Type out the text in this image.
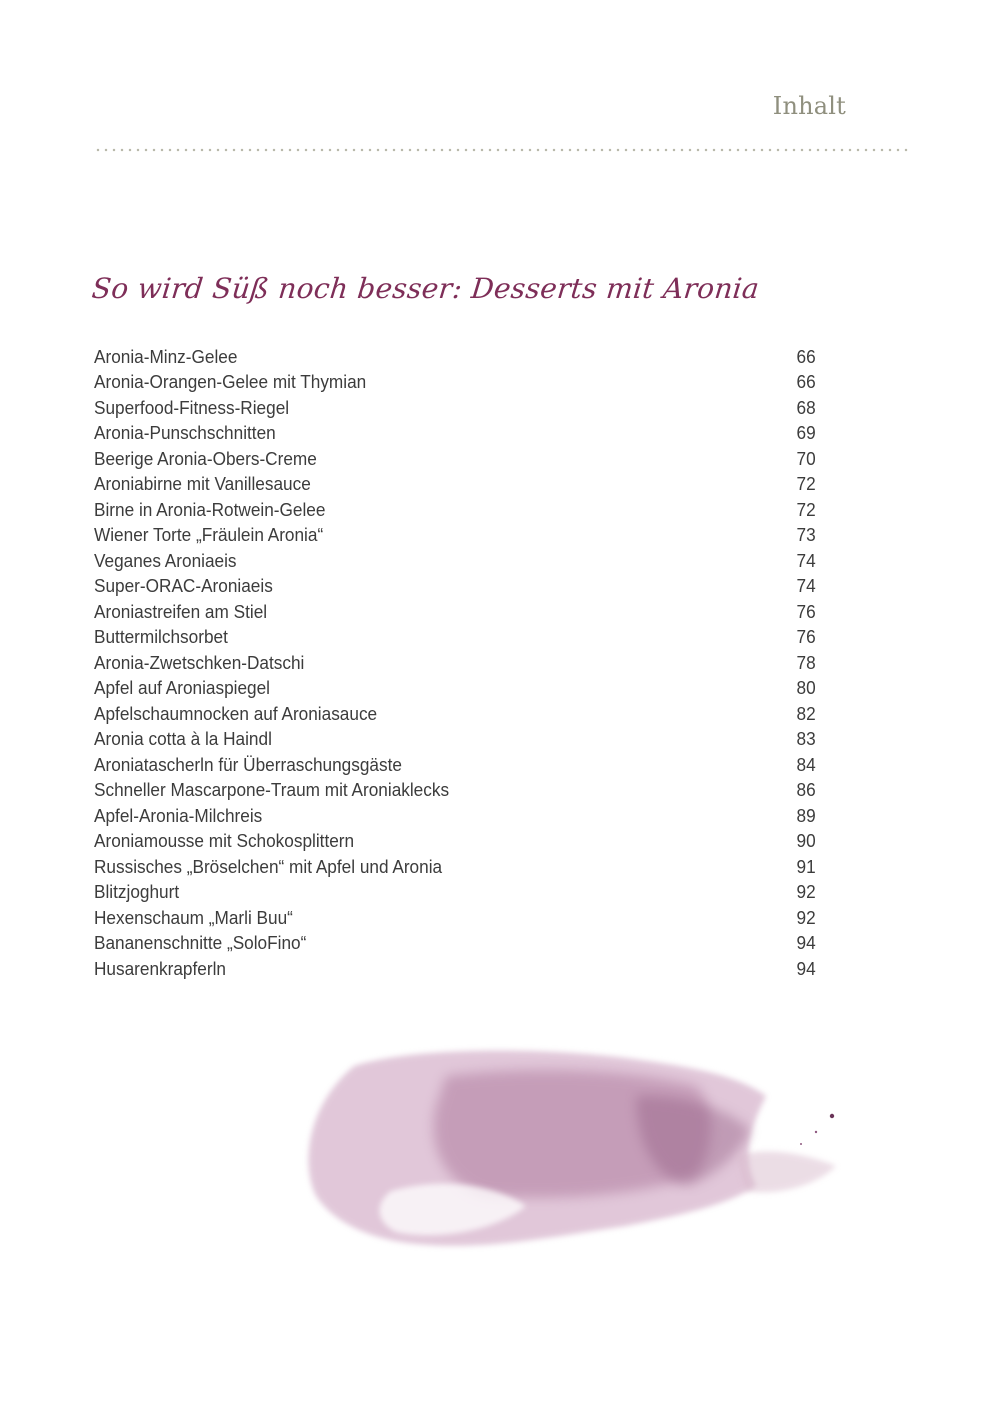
Inhalt
So wird Süß noch besser: Desserts mit Aronia
Aronia-Minz-Gelee	66
Aronia-Orangen-Gelee mit Thymian	66
Superfood-Fitness-Riegel	68
Aronia-Punschschnitten	69
Beerige Aronia-Obers-Creme	70
Aroniabirne mit Vanillesauce	72
Birne in Aronia-Rotwein-Gelee	72
Wiener Torte „Fräulein Aronia“	73
Veganes Aroniaeis	74
Super-ORAC-Aroniaeis	74
Aroniastreifen am Stiel	76
Buttermilchsorbet	76
Aronia-Zwetschken-Datschi	78
Apfel auf Aroniaspiegel	80
Apfelschaumnocken auf Aroniasauce	82
Aronia cotta à la Haindl	83
Aroniatascherln für Überraschungsgäste	84
Schneller Mascarpone-Traum mit Aroniaklecks	86
Apfel-Aronia-Milchreis	89
Aroniamousse mit Schokosplittern	90
Russisches „Bröselchen“ mit Apfel und Aronia	91
Blitzjoghurt	92
Hexenschaum „Marli Buu“	92
Bananenschnitte „SoloFino“	94
Husarenkrapferln	94
